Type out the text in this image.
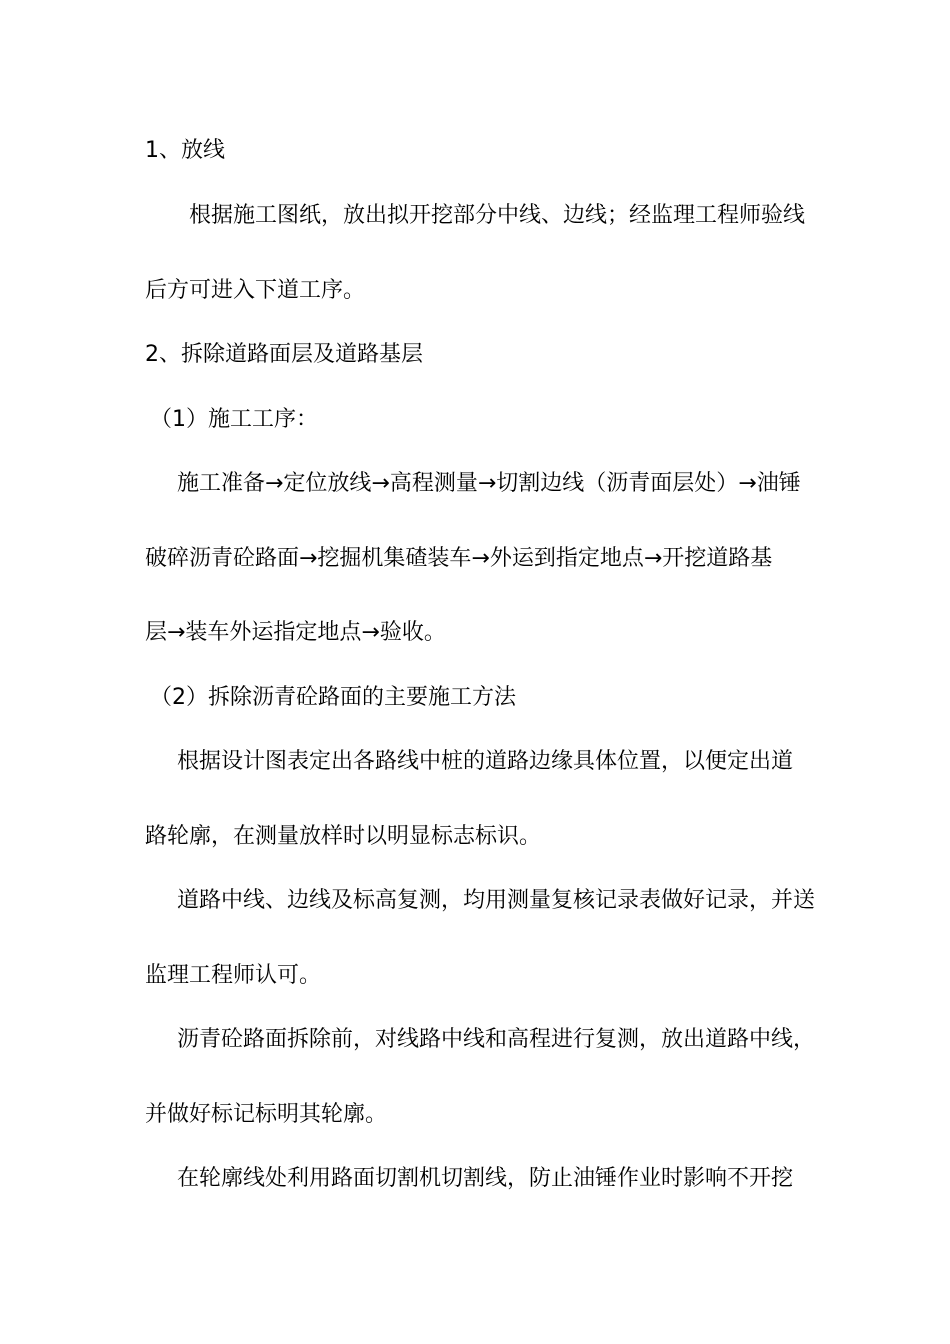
1、放线
根据施工图纸，放出拟开挖部分中线、边线；经监理工程师验线
后方可进入下道工序。
2、拆除道路面层及道路基层
（1）施工工序：
施工准备→定位放线→高程测量→切割边线（沥青面层处）→油锤
破碎沥青砼路面→挖掘机集碴装车→外运到指定地点→开挖道路基
层→装车外运指定地点→验收。
（2）拆除沥青砼路面的主要施工方法
根据设计图表定出各路线中桩的道路边缘具体位置，以便定出道
路轮廓，在测量放样时以明显标志标识。
道路中线、边线及标高复测，均用测量复核记录表做好记录，并送
监理工程师认可。
沥青砼路面拆除前，对线路中线和高程进行复测，放出道路中线，
并做好标记标明其轮廓。
在轮廓线处利用路面切割机切割线，防止油锤作业时影响不开挖
